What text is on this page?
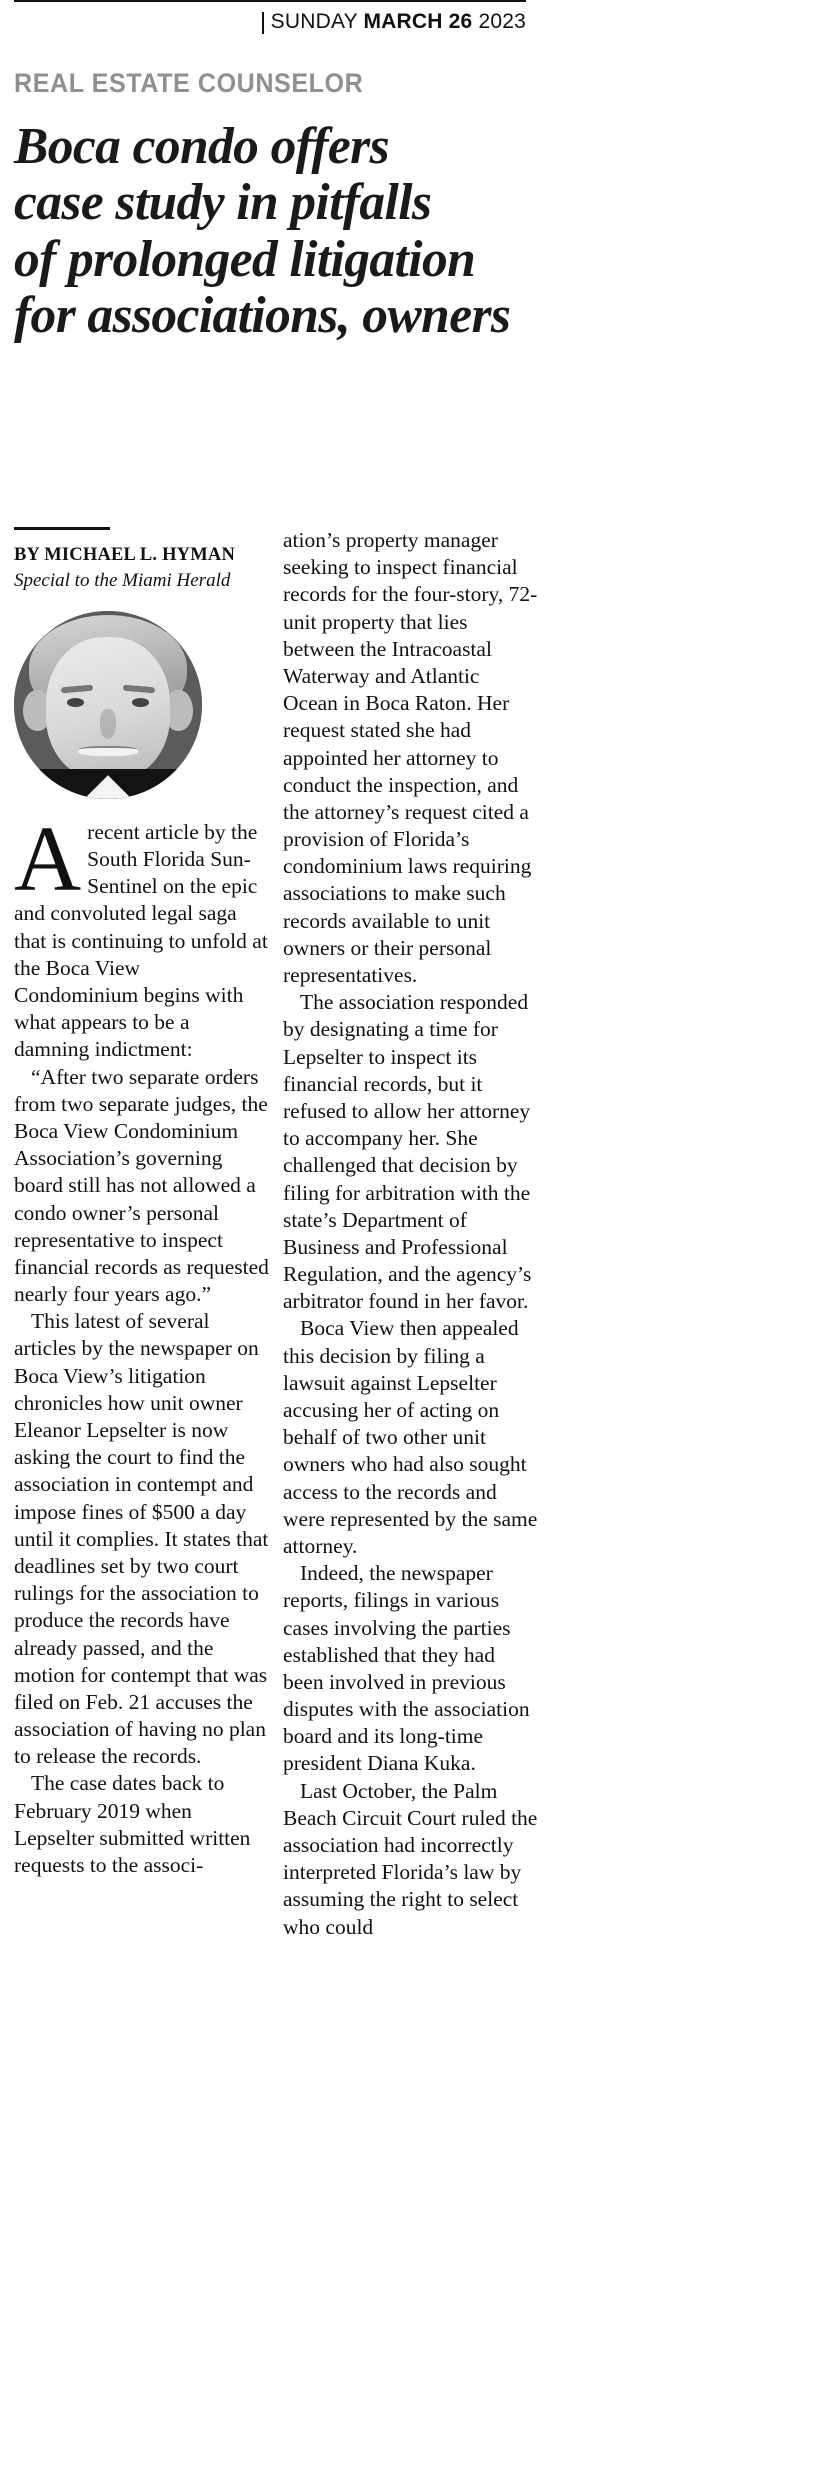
SUNDAY MARCH 26 2023
REAL ESTATE COUNSELOR
Boca condo offers
case study in pitfalls
of prolonged litigation
for associations, owners
BY MICHAEL L. HYMAN
Special to the Miami Herald

Arecent article by the South Florida Sun-Sentinel on the epic and convoluted legal saga that is continuing to unfold at the Boca View Condominium begins with what appears to be a damning indictment:

“After two separate orders from two separate judges, the Boca View Condominium Association’s governing board still has not allowed a condo owner’s personal representative to inspect financial records as requested nearly four years ago.”

This latest of several articles by the newspaper on Boca View’s litigation chronicles how unit owner Eleanor Lepselter is now asking the court to find the association in contempt and impose fines of $500 a day until it complies. It states that deadlines set by two court rulings for the association to produce the records have already passed, and the motion for contempt that was filed on Feb. 21 accuses the association of having no plan to release the records.

The case dates back to February 2019 when Lepselter submitted written requests to the associ-

ation’s property manager seeking to inspect financial records for the four-story, 72-unit property that lies between the Intracoastal Waterway and Atlantic Ocean in Boca Raton. Her request stated she had appointed her attorney to conduct the inspection, and the attorney’s request cited a provision of Florida’s condominium laws requiring associations to make such records available to unit owners or their personal representatives.

The association responded by designating a time for Lepselter to inspect its financial records, but it refused to allow her attorney to accompany her. She challenged that decision by filing for arbitration with the state’s Department of Business and Professional Regulation, and the agency’s arbitrator found in her favor.

Boca View then appealed this decision by filing a lawsuit against Lepselter accusing her of acting on behalf of two other unit owners who had also sought access to the records and were represented by the same attorney.

Indeed, the newspaper reports, filings in various cases involving the parties established that they had been involved in previous disputes with the association board and its long-time president Diana Kuka.

Last October, the Palm Beach Circuit Court ruled the association had incorrectly interpreted Florida’s law by assuming the right to select who could
